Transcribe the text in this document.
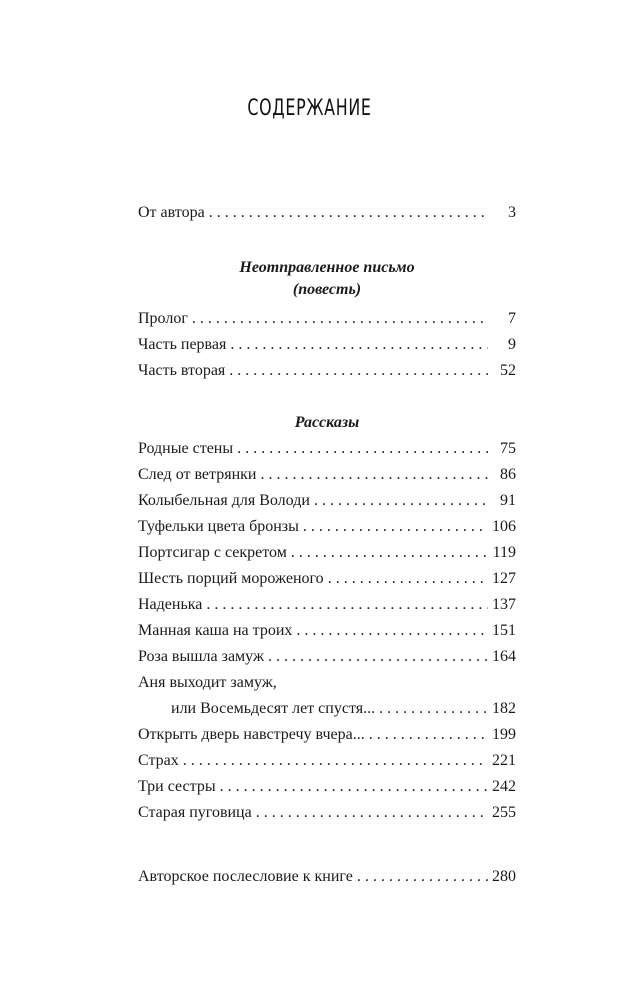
СОДЕРЖАНИЕ
От автора . . .	3
Неотправленное письмо
(повесть)
Пролог . . .	7
Часть первая . . .	9
Часть вторая . . .	52
Рассказы
Родные стены . . .	75
След от ветрянки . . .	86
Колыбельная для Володи . . .	91
Туфельки цвета бронзы . . .	106
Портсигар с секретом . . .	119
Шесть порций мороженого . . .	127
Наденька . . .	137
Манная каша на троих . . .	151
Роза вышла замуж . . .	164
Аня выходит замуж,
или Восемьдесят лет спустя... . . .	182
Открыть дверь навстречу вчера... . . .	199
Страх . . .	221
Три сестры . . .	242
Старая пуговица . . .	255
Авторское послесловие к книге . . .	280
